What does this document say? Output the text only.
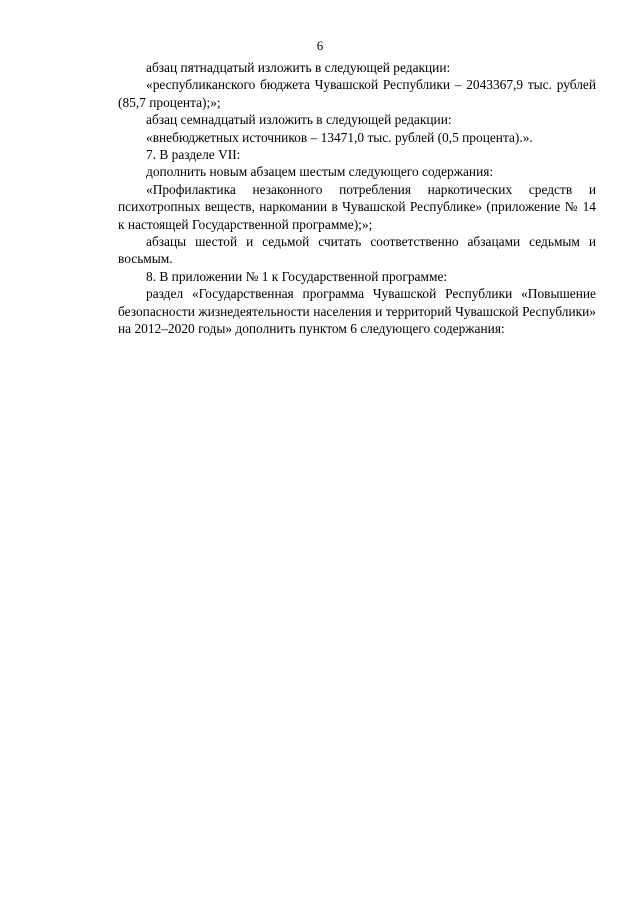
6

абзац пятнадцатый изложить в следующей редакции:

«республиканского бюджета Чувашской Республики – 2043367,9 тыс. рублей (85,7 процента);»;

абзац семнадцатый изложить в следующей редакции:

«внебюджетных источников – 13471,0 тыс. рублей (0,5 процента).».

7. В разделе VII:

дополнить новым абзацем шестым следующего содержания:

«Профилактика незаконного потребления наркотических средств и психотропных веществ, наркомании в Чувашской Республике» (приложение № 14 к настоящей Государственной программе);»;

абзацы шестой и седьмой считать соответственно абзацами седьмым и восьмым.

8. В приложении № 1 к Государственной программе:

раздел «Государственная программа Чувашской Республики «Повышение безопасности жизнедеятельности населения и территорий Чувашской Республики» на 2012–2020 годы» дополнить пунктом 6 следующего содержания:
